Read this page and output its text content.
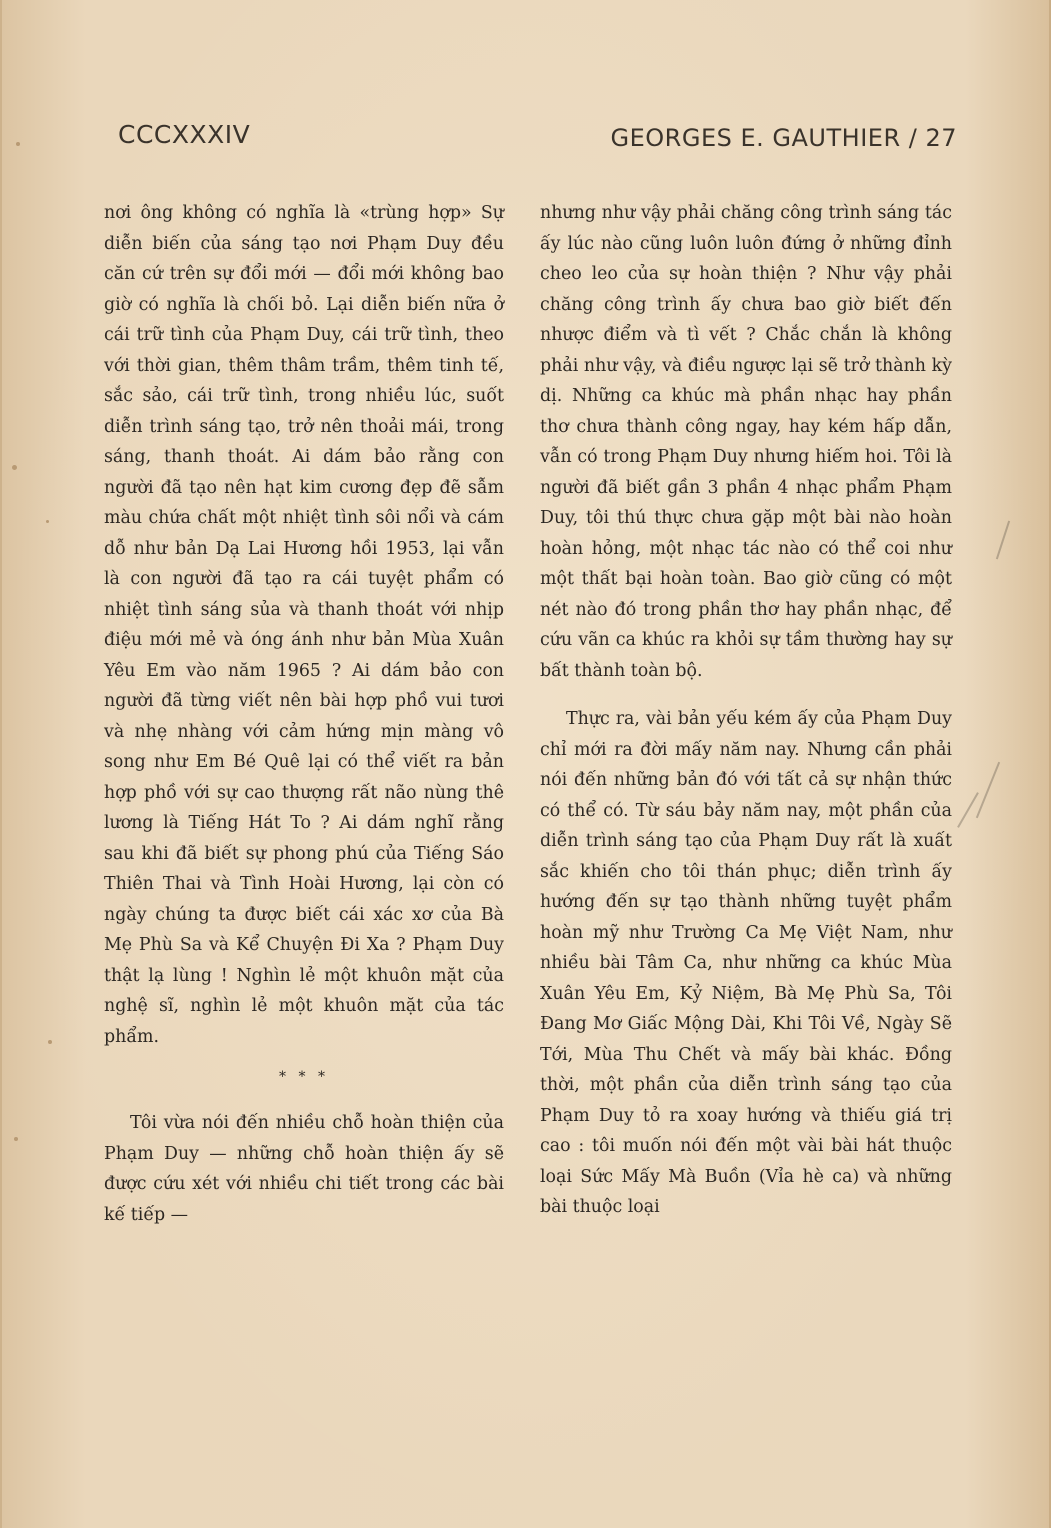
CCCXXXIV	GEORGES E. GAUTHIER / 27

nơi ông không có nghĩa là «trùng hợp» Sự diễn biến của sáng tạo nơi Phạm Duy đều căn cứ trên sự đổi mới — đổi mới không bao giờ có nghĩa là chối bỏ. Lại diễn biến nữa ở cái trữ tình của Phạm Duy, cái trữ tình, theo với thời gian, thêm thâm trầm, thêm tinh tế, sắc sảo, cái trữ tình, trong nhiều lúc, suốt diễn trình sáng tạo, trở nên thoải mái, trong sáng, thanh thoát. Ai dám bảo rằng con người đã tạo nên hạt kim cương đẹp đẽ sẫm màu chứa chất một nhiệt tình sôi nổi và cám dỗ như bản Dạ Lai Hương hồi 1953, lại vẫn là con người đã tạo ra cái tuyệt phẩm có nhiệt tình sáng sủa và thanh thoát với nhịp điệu mới mẻ và óng ánh như bản Mùa Xuân Yêu Em vào năm 1965 ? Ai dám bảo con người đã từng viết nên bài hợp phồ vui tươi và nhẹ nhàng với cảm hứng mịn màng vô song như Em Bé Quê lại có thể viết ra bản hợp phồ với sự cao thượng rất não nùng thê lương là Tiếng Hát To ? Ai dám nghĩ rằng sau khi đã biết sự phong phú của Tiếng Sáo Thiên Thai và Tình Hoài Hương, lại còn có ngày chúng ta được biết cái xác xơ của Bà Mẹ Phù Sa và Kể Chuyện Đi Xa ? Phạm Duy thật lạ lùng ! Nghìn lẻ một khuôn mặt của nghệ sĩ, nghìn lẻ một khuôn mặt của tác phẩm.

* * *

Tôi vừa nói đến nhiều chỗ hoàn thiện của Phạm Duy — những chỗ hoàn thiện ấy sẽ được cứu xét với nhiều chi tiết trong các bài kế tiếp —

nhưng như vậy phải chăng công trình sáng tác ấy lúc nào cũng luôn luôn đứng ở những đỉnh cheo leo của sự hoàn thiện ? Như vậy phải chăng công trình ấy chưa bao giờ biết đến nhược điểm và tì vết ? Chắc chắn là không phải như vậy, và điều ngược lại sẽ trở thành kỳ dị. Những ca khúc mà phần nhạc hay phần thơ chưa thành công ngay, hay kém hấp dẫn, vẫn có trong Phạm Duy nhưng hiếm hoi. Tôi là người đã biết gần 3 phần 4 nhạc phẩm Phạm Duy, tôi thú thực chưa gặp một bài nào hoàn hoàn hỏng, một nhạc tác nào có thể coi như một thất bại hoàn toàn. Bao giờ cũng có một nét nào đó trong phần thơ hay phần nhạc, để cứu vãn ca khúc ra khỏi sự tầm thường hay sự bất thành toàn bộ.

Thực ra, vài bản yếu kém ấy của Phạm Duy chỉ mới ra đời mấy năm nay. Nhưng cần phải nói đến những bản đó với tất cả sự nhận thức có thể có. Từ sáu bảy năm nay, một phần của diễn trình sáng tạo của Phạm Duy rất là xuất sắc khiến cho tôi thán phục; diễn trình ấy hướng đến sự tạo thành những tuyệt phẩm hoàn mỹ như Trường Ca Mẹ Việt Nam, như nhiều bài Tâm Ca, như những ca khúc Mùa Xuân Yêu Em, Kỷ Niệm, Bà Mẹ Phù Sa, Tôi Đang Mơ Giấc Mộng Dài, Khi Tôi Về, Ngày Sẽ Tới, Mùa Thu Chết và mấy bài khác. Đồng thời, một phần của diễn trình sáng tạo của Phạm Duy tỏ ra xoay hướng và thiếu giá trị cao : tôi muốn nói đến một vài bài hát thuộc loại Sức Mấy Mà Buồn (Vỉa hè ca) và những bài thuộc loại
